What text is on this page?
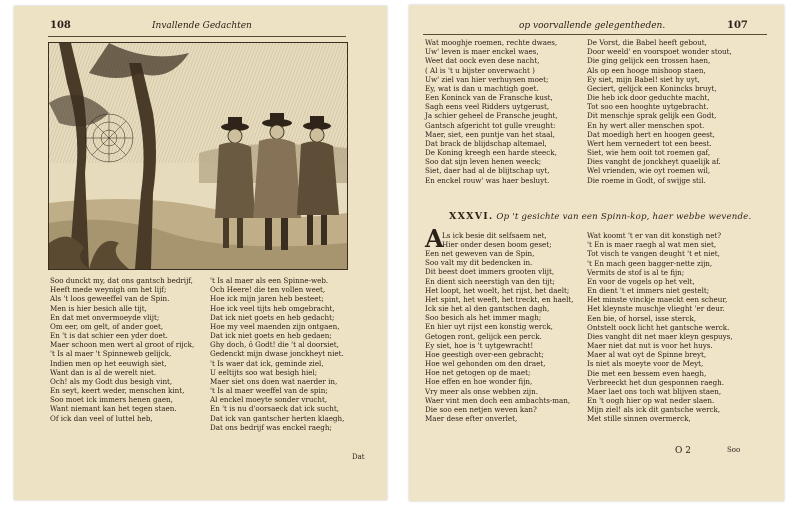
108	Invallende Gedachten
Soo dunckt my, dat ons gantsch bedrijf,
Heeft mede weynigh om het lijf;
Als 't loos geweeffel van de Spin.
Men is hier besich alle tijt,
En dat met onvermoeyde vlijt;
Om eer, om gelt, of ander goet,
En 't is dat schier een yder doet.
Maer schoon men wert al groot of rijck,
't Is al maer 't Spinneweb gelijck,
Indien men op het eeuwigh siet,
Want dan is al de werelt niet.
Och! als my Godt dus besigh vint,
En seyt, keert weder, menschen kint,
Soo moet ick immers henen gaen,
Want niemant kan het tegen staen.
Of ick dan veel of luttel heb,
't Is al maer als een Spinne-web.
Och Heere! die ten vollen weet,
Hoe ick mijn jaren heb besteet;
Hoe ick veel tijts heb omgebracht,
Dat ick niet goets en heb gedacht;
Hoe my veel maenden zijn ontgaen,
Dat ick niet goets en heb gedaen;
Ghy doch, ô Godt! die 't al doorsiet,
Gedenckt mijn dwase jonckheyt niet.
't Is waer dat ick, geminde ziel,
U eeltijts soo wat besigh hiel;
Maer siet ons doen wat naerder in,
't Is al maer weeffel van de spin;
Al enckel moeyte sonder vrucht,
En 't is nu d'oorsaeck dat ick sucht,
Dat ick van gantscher herten klaegh,
Dat ons bedrijf was enckel raegh;
Dat
op voorvallende gelegentheden.	107
Wat mooghje roemen, rechte dwaes,
Uw' leven is maer enckel waes,
Weet dat oock even dese nacht,
( Al is 't u bijster onverwacht )
Uw' ziel van hier verhuysen moet;
Ey, wat is dan u machtigh goet.
Een Koninck van de Fransche kust,
Sagh eens veel Ridders uytgerust,
Ja schier geheel de Fransche jeught,
Gantsch afgericht tot gulle vreught:
Maer, siet, een puntje van het staal,
Dat brack de blijdschap altemael,
De Koning kreegh een harde steeck,
Soo dat sijn leven henen weeck;
Siet, daer had al de blijtschap uyt,
En enckel rouw' was haer besluyt.
De Vorst, die Babel heeft gebout,
Door weeld' en voorspoet wonder stout,
Die ging gelijck een trossen haen,
Als op een hooge mishoop staen,
Ey siet, mijn Babel! siet hy uyt,
Geciert, gelijck een Konincks bruyt,
Die heb ick door geduchte macht,
Tot soo een hooghte uytgebracht.
Dit menschje sprak gelijk een Godt,
En hy wert aller menschen spot.
Dat moedigh hert en hoogen geest,
Wert hem vernedert tot een beest.
Siet, wie hem ooit tot roemen gaf,
Dies vanght de jonckheyt quaelijk af.
Wel vrienden, wie oyt roemen wil,
Die roeme in Godt, of swijge stil.
XXXVI. Op 't gesichte van een Spinn-kop, haer webbe wevende.
A
Ls ick besie dit selfsaem net,
Hier onder desen boom geset;
Een net geweven van de Spin,
Soo valt my dit bedencken in.
Dit beest doet immers grooten vlijt,
En dient sich neerstigh van den tijt;
Het loopt, het woelt, het rijst, het daelt;
Het spint, het weeft, het treckt, en haelt,
Ick sie het al den gantschen dagh,
Soo besich als het immer magh;
En hier uyt rijst een konstig werck,
Getogen ront, gelijck een perck.
Ey siet, hoe is 't uytgewracht!
Hoe geestigh over-een gebracht;
Hoe wel gehonden om den draet,
Hoe net getogen op de maet;
Hoe effen en hoe wonder fijn,
Vry meer als onse webben zijn.
Waer vint men doch een ambachts-man,
Die soo een netjen weven kan?
Maer dese efter onverlet,
Wat koomt 't er van dit konstigh net?
't En is maer raegh al wat men siet,
Tot visch te vangen deught 't et niet,
't En mach geen bagger-nette zijn,
Vermits de stof is al te fijn;
En voor de vogels op het velt,
En dient 't et immers niet gestelt;
Het minste vinckje maeckt een scheur,
Het kleynste muschje vlieght 'er deur.
Een bie, of horsel, isse sterck,
Ontstelt oock licht het gantsche werck.
Dies vanght dit net maer kleyn gespuys,
Maer niet dat nut is voor het huys.
Maer al wat oyt de Spinne breyt,
Is niet als moeyte voor de Meyt,
Die met een bessem even haegh,
Verbreeckt het dun gesponnen raegh.
Maer laet ons toch wat blijven staen,
En 't oogh hier op wat neder slaen.
Mijn ziel! als ick dit gantsche werck,
Met stille sinnen overmerck,
O 2	Soo
